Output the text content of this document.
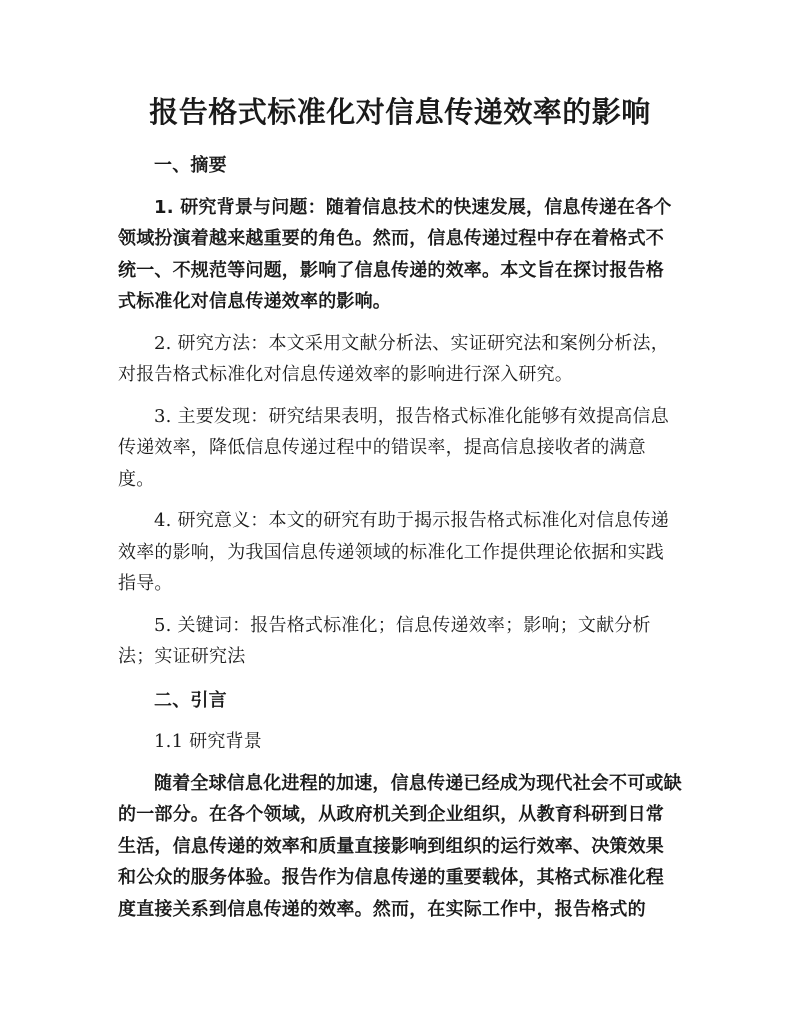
报告格式标准化对信息传递效率的影响

一、摘要

1. 研究背景与问题：随着信息技术的快速发展，信息传递在各个领域扮演着越来越重要的角色。然而，信息传递过程中存在着格式不统一、不规范等问题，影响了信息传递的效率。本文旨在探讨报告格式标准化对信息传递效率的影响。

2. 研究方法：本文采用文献分析法、实证研究法和案例分析法，对报告格式标准化对信息传递效率的影响进行深入研究。

3. 主要发现：研究结果表明，报告格式标准化能够有效提高信息传递效率，降低信息传递过程中的错误率，提高信息接收者的满意度。

4. 研究意义：本文的研究有助于揭示报告格式标准化对信息传递效率的影响，为我国信息传递领域的标准化工作提供理论依据和实践指导。

5. 关键词：报告格式标准化；信息传递效率；影响；文献分析法；实证研究法

二、引言

1.1 研究背景

随着全球信息化进程的加速，信息传递已经成为现代社会不可或缺的一部分。在各个领域，从政府机关到企业组织，从教育科研到日常生活，信息传递的效率和质量直接影响到组织的运行效率、决策效果和公众的服务体验。报告作为信息传递的重要载体，其格式标准化程度直接关系到信息传递的效率。然而，在实际工作中，报告格式的
